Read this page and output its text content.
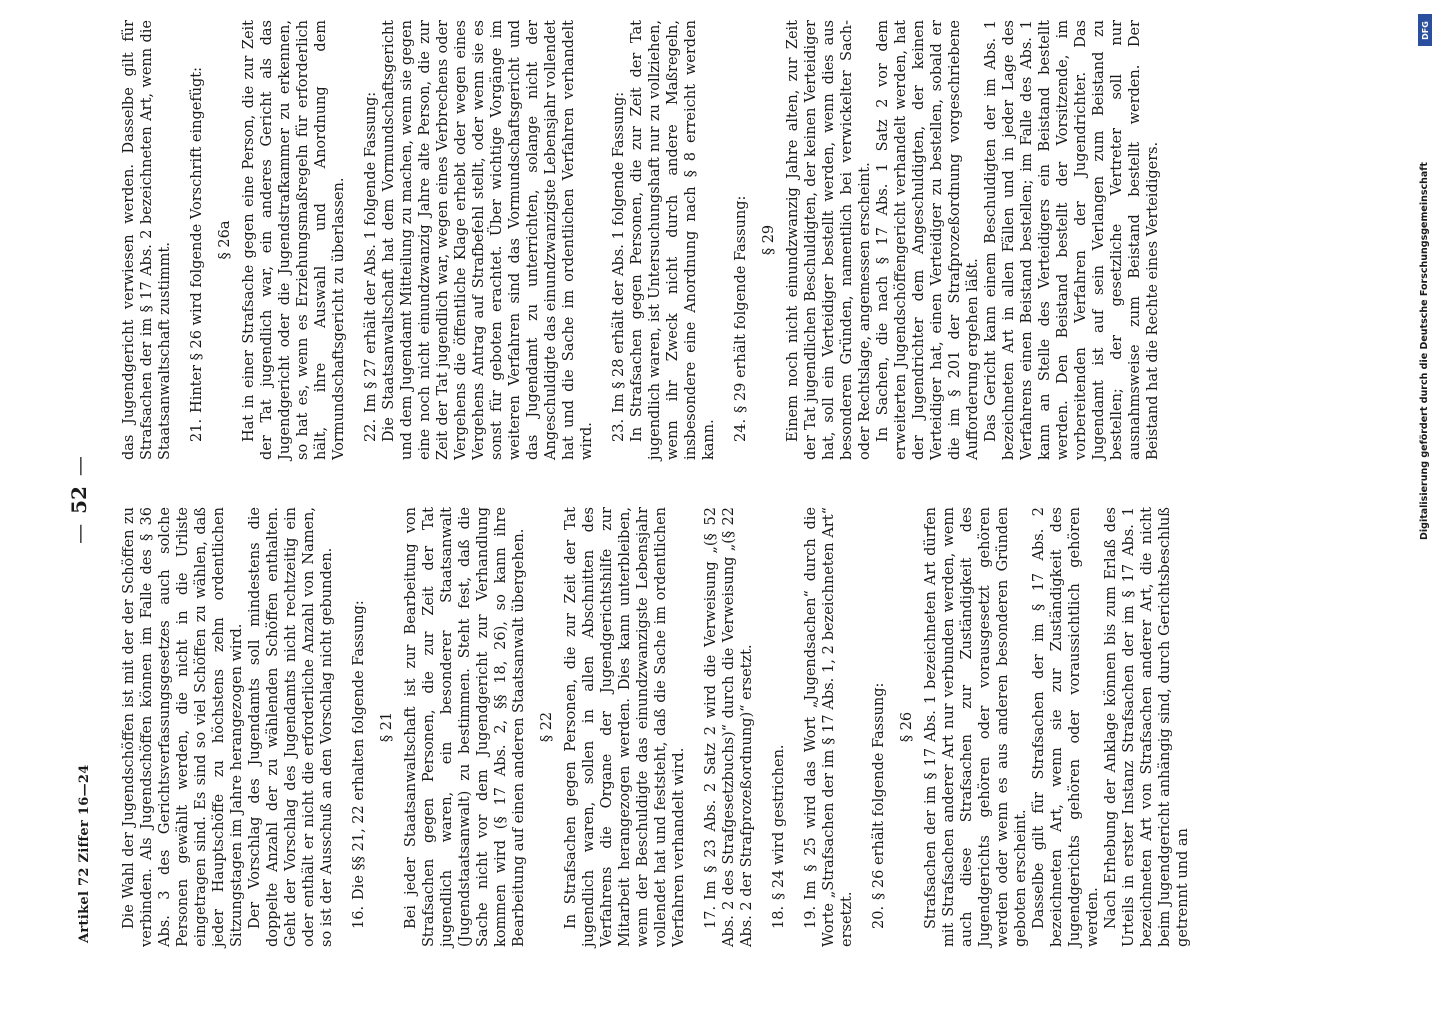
Artikel 72 Ziffer 16—24
—52—

Die Wahl der Jugendschöffen ist mit der der Schöffen zu verbinden. Als Jugendschöffen können im Falle des § 36 Abs. 3 des Gerichtsverfassungsgesetzes auch solche Personen gewählt werden, die nicht in die Urliste eingetragen sind. Es sind so viel Schöffen zu wählen, daß jeder Hauptschöffe zu höchstens zehn ordentlichen Sitzungstagen im Jahre herangezogen wird. Der Vorschlag des Jugendamts soll mindestens die doppelte Anzahl der zu wählenden Schöffen enthalten. Geht der Vorschlag des Jugendamts nicht rechtzeitig ein oder enthält er nicht die erforderliche Anzahl von Namen, so ist der Ausschuß an den Vorschlag nicht gebunden. 16.Die §§ 21, 22 erhalten folgende Fassung: § 21 Bei jeder Staatsanwaltschaft ist zur Bearbeitung von Strafsachen gegen Personen, die zur Zeit der Tat jugendlich waren, ein besonderer Staatsanwalt (Jugendstaatsanwalt) zu bestimmen. Steht fest, daß die Sache nicht vor dem Jugendgericht zur Verhandlung kommen wird (§ 17 Abs. 2, §§ 18, 26), so kann ihre Bearbeitung auf einen anderen Staatsanwalt übergehen. § 22 In Strafsachen gegen Personen, die zur Zeit der Tat jugendlich waren, sollen in allen Abschnitten des Verfahrens die Organe der Jugendgerichtshilfe zur Mitarbeit herangezogen werden. Dies kann unterbleiben, wenn der Beschuldigte das einundzwanzigste Lebensjahr vollendet hat und feststeht, daß die Sache im ordentlichen Verfahren verhandelt wird. 17.Im § 23 Abs. 2 Satz 2 wird die Verweisung „(§ 52 Abs. 2 des Strafgesetzbuchs)“ durch die Verweisung „(§ 22 Abs. 2 der Strafprozeßordnung)“ ersetzt. 18.§ 24 wird gestrichen.

19.Im § 25 wird das Wort „Jugendsachen“ durch die Worte „Strafsachen der im § 17 Abs. 1, 2 bezeichneten Art“ ersetzt. 20.§ 26 erhält folgende Fassung: § 26 Strafsachen der im § 17 Abs. 1 bezeichneten Art dürfen mit Strafsachen anderer Art nur verbunden werden, wenn auch diese Strafsachen zur Zuständigkeit des Jugendgerichts gehören oder vorausgesetzt gehören werden oder wenn es aus anderen besonderen Gründen geboten erscheint. Dasselbe gilt für Strafsachen der im § 17 Abs. 2 bezeichneten Art, wenn sie zur Zuständigkeit des Jugendgerichts gehören oder voraussichtlich gehören werden. Nach Erhebung der Anklage können bis zum Erlaß des Urteils in erster Instanz Strafsachen der im § 17 Abs. 1 bezeichneten Art von Strafsachen anderer Art, die nicht beim Jugendgericht anhängig sind, durch Gerichtsbeschluß getrennt und an

das Jugendgericht verwiesen werden. Dasselbe gilt für Strafsachen der im § 17 Abs. 2 bezeichneten Art, wenn die Staatsanwaltschaft zustimmt. 21.Hinter § 26 wird folgende Vorschrift eingefügt: § 26a Hat in einer Strafsache gegen eine Person, die zur Zeit der Tat jugendlich war, ein anderes Gericht als das Jugendgericht oder die Jugendstrafkammer zu erkennen, so hat es, wenn es Erziehungsmaßregeln für erforderlich hält, ihre Auswahl und Anordnung dem Vormundschaftsgericht zu überlassen. 22.Im § 27 erhält der Abs. 1 folgende Fassung: Die Staatsanwaltschaft hat dem Vormundschaftsgericht und dem Jugendamt Mitteilung zu machen, wenn sie gegen eine noch nicht einundzwanzig Jahre alte Person, die zur Zeit der Tat jugendlich war, wegen eines Verbrechens oder Vergehens die öffentliche Klage erhebt oder wegen eines Vergehens Antrag auf Strafbefehl stellt, oder wenn sie es sonst für geboten erachtet. Über wichtige Vorgänge im weiteren Verfahren sind das Vormundschaftsgericht und das Jugendamt zu unterrichten, solange nicht der Angeschuldigte das einundzwanzigste Lebensjahr vollendet hat und die Sache im ordentlichen Verfahren verhandelt wird. 23.Im § 28 erhält der Abs. 1 folgende Fassung: In Strafsachen gegen Personen, die zur Zeit der Tat jugendlich waren, ist Untersuchungshaft nur zu vollziehen, wenn ihr Zweck nicht durch andere Maßregeln, insbesondere eine Anordnung nach § 8 erreicht werden kann. 24.§ 29 erhält folgende Fassung: § 29 Einem noch nicht einundzwanzig Jahre alten, zur Zeit der Tat jugendlichen Beschuldigten, der keinen Verteidiger hat, soll ein Verteidiger bestellt werden, wenn dies aus besonderen Gründen, namentlich bei verwickelter Sach- oder Rechtslage, angemessen erscheint. In Sachen, die nach § 17 Abs. 1 Satz 2 vor dem erweiterten Jugendschöffengericht verhandelt werden, hat der Jugendrichter dem Angeschuldigten, der keinen Verteidiger hat, einen Verteidiger zu bestellen, sobald er die im § 201 der Strafprozeßordnung vorgeschriebene Aufforderung ergehen läßt. Das Gericht kann einem Beschuldigten der im Abs. 1 bezeichneten Art in allen Fällen und in jeder Lage des Verfahrens einen Beistand bestellen; im Falle des Abs. 1 kann an Stelle des Verteidigers ein Beistand bestellt werden. Den Beistand bestellt der Vorsitzende, im vorbereitenden Verfahren der Jugendrichter. Das Jugendamt ist auf sein Verlangen zum Beistand zu bestellen; der gesetzliche Vertreter soll nur ausnahmsweise zum Beistand bestellt werden. Der Beistand hat die Rechte eines Verteidigers.

DFG
Digitalisierung gefördert durch die Deutsche Forschungsgemeinschaft
